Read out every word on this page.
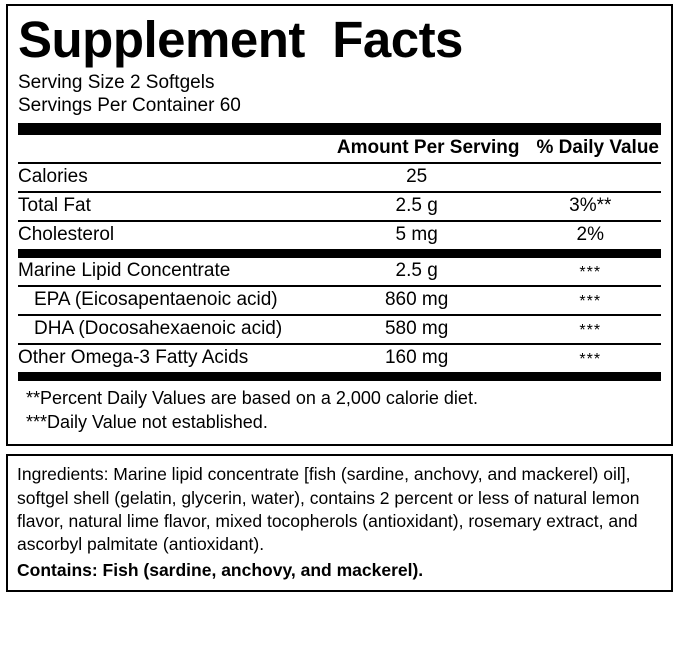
Supplement  Facts
Serving Size 2 Softgels
Servings Per Container 60
	Amount Per Serving	% Daily Value
Calories	25	
Total Fat	2.5 g	3%**
Cholesterol	5 mg	2%
Marine Lipid Concentrate	2.5 g	***
EPA (Eicosapentaenoic acid)	860 mg	***
DHA (Docosahexaenoic acid)	580 mg	***
Other Omega-3 Fatty Acids	160 mg	***
**Percent Daily Values are based on a 2,000 calorie diet.
***Daily Value not established.
Ingredients: Marine lipid concentrate [fish (sardine, anchovy, and mackerel) oil], softgel shell (gelatin, glycerin, water), contains 2 percent or less of natural lemon flavor, natural lime flavor, mixed tocopherols (antioxidant), rosemary extract, and ascorbyl palmitate (antioxidant).
Contains: Fish (sardine, anchovy, and mackerel).
